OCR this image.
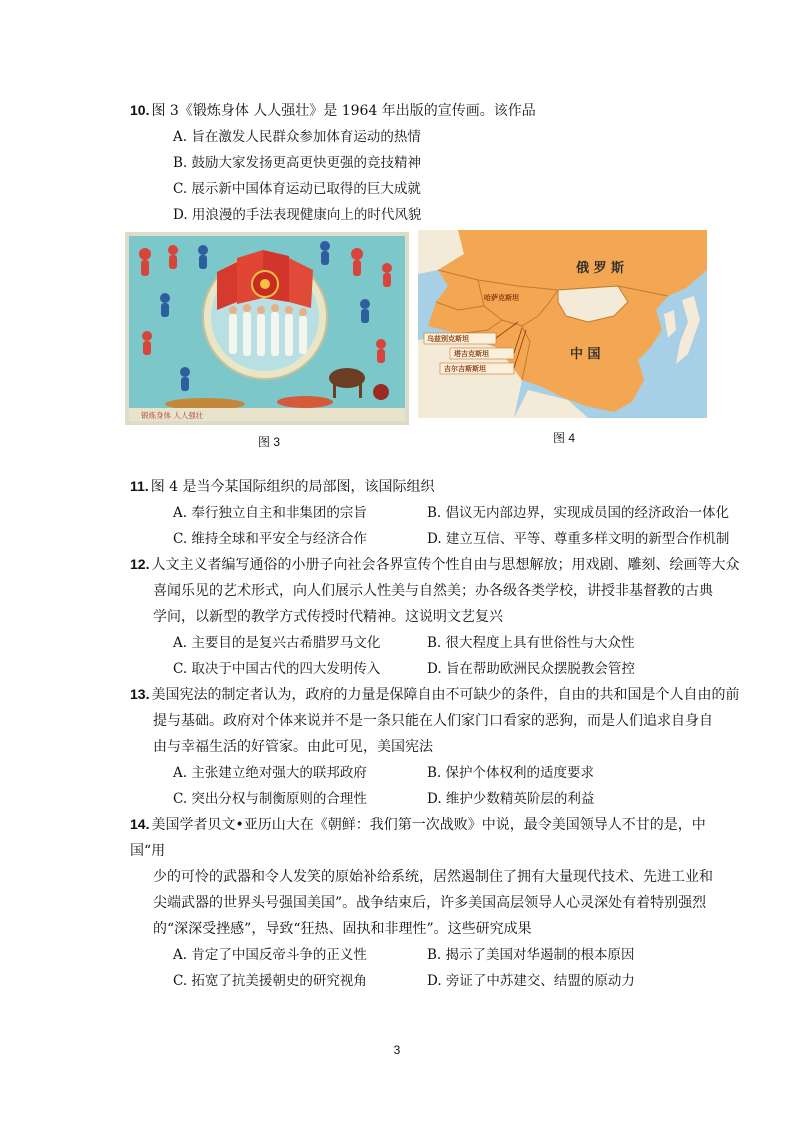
10. 图 3《锻炼身体 人人强壮》是 1964 年出版的宣传画。该作品
A. 旨在激发人民群众参加体育运动的热情
B. 鼓励大家发扬更高更快更强的竞技精神
C. 展示新中国体育运动已取得的巨大成就
D. 用浪漫的手法表现健康向上的时代风貌
锻炼身体 人人强壮
图 3
俄 罗 斯
中 国
哈萨克斯坦
乌兹别克斯坦
塔吉克斯坦
吉尔吉斯斯坦
图 4
11. 图 4 是当今某国际组织的局部图，该国际组织
A. 奉行独立自主和非集团的宗旨	B. 倡议无内部边界，实现成员国的经济政治一体化
C. 维持全球和平安全与经济合作	D. 建立互信、平等、尊重多样文明的新型合作机制
12. 人文主义者编写通俗的小册子向社会各界宣传个性自由与思想解放；用戏剧、雕刻、绘画等大众
喜闻乐见的艺术形式，向人们展示人性美与自然美；办各级各类学校，讲授非基督教的古典
学问，以新型的教学方式传授时代精神。这说明文艺复兴
A. 主要目的是复兴古希腊罗马文化	B. 很大程度上具有世俗性与大众性
C. 取决于中国古代的四大发明传入	D. 旨在帮助欧洲民众摆脱教会管控
13. 美国宪法的制定者认为，政府的力量是保障自由不可缺少的条件，自由的共和国是个人自由的前
提与基础。政府对个体来说并不是一条只能在人们家门口看家的恶狗，而是人们追求自身自
由与幸福生活的好管家。由此可见，美国宪法
A. 主张建立绝对强大的联邦政府	B. 保护个体权利的适度要求
C. 突出分权与制衡原则的合理性	D. 维护少数精英阶层的利益
14. 美国学者贝文•亚历山大在《朝鲜：我们第一次战败》中说，最令美国领导人不甘的是，中国“用
少的可怜的武器和令人发笑的原始补给系统，居然遏制住了拥有大量现代技术、先进工业和
尖端武器的世界头号强国美国”。战争结束后，许多美国高层领导人心灵深处有着特别强烈
的“深深受挫感”，导致“狂热、固执和非理性”。这些研究成果
A. 肯定了中国反帝斗争的正义性	B. 揭示了美国对华遏制的根本原因
C. 拓宽了抗美援朝史的研究视角	D. 旁证了中苏建交、结盟的原动力
3
